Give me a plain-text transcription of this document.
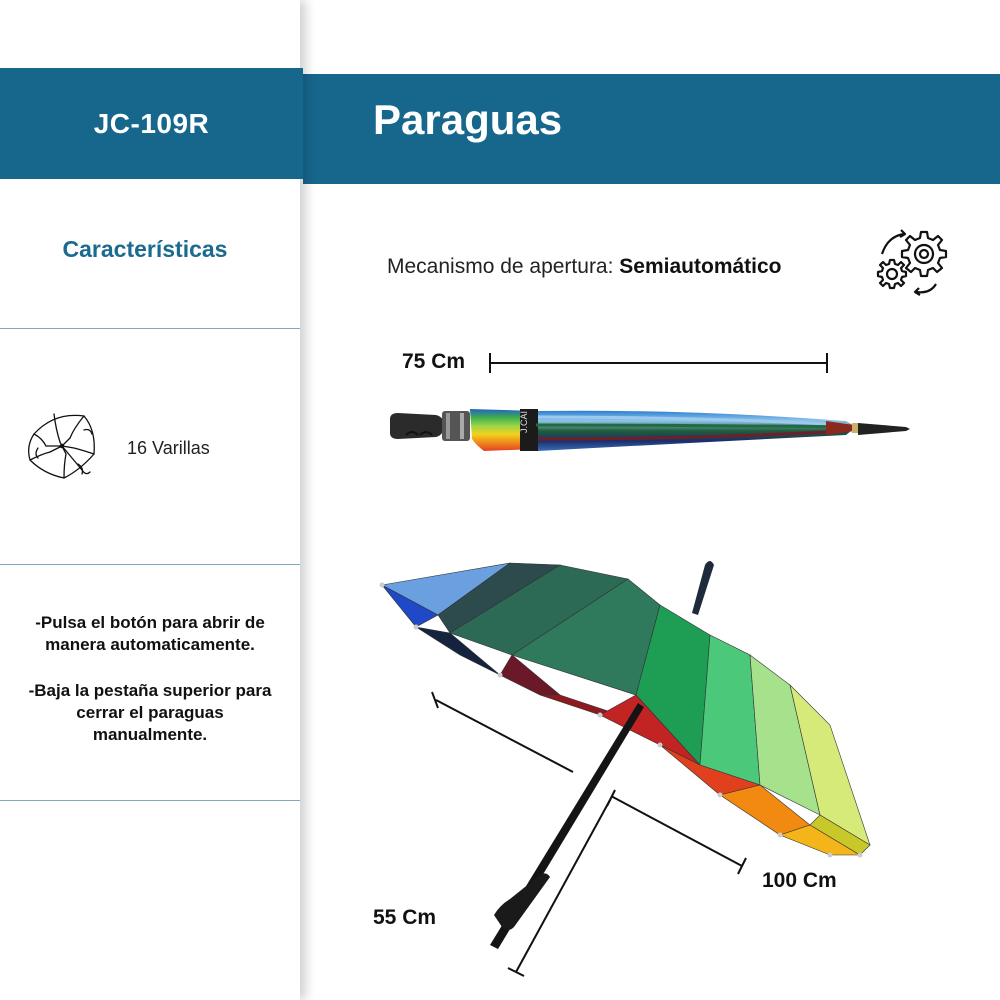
JC-109R	Paraguas
Características
16 Varillas

-Pulsa el botón para abrir de manera automaticamente.

-Baja la pestaña superior para cerrar el paraguas manualmente.

Mecanismo de apertura: Semiautomático
75 Cm
J.CAI
100 Cm
55 Cm
